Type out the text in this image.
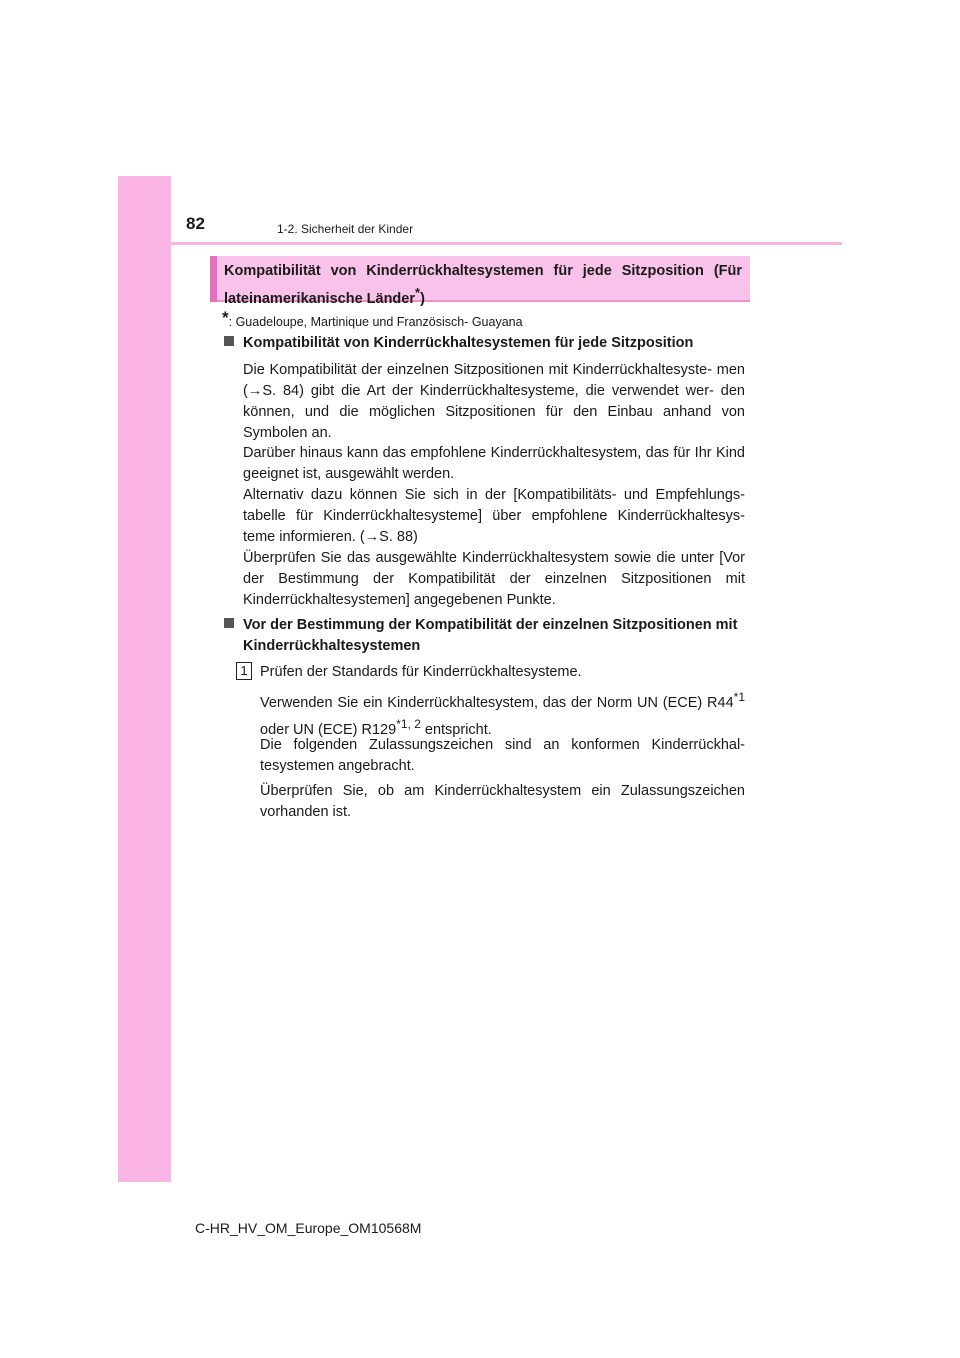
82	1-2. Sicherheit der Kinder
Kompatibilität von Kinderrückhaltesystemen für jede Sitzposition (Für lateinamerikanische Länder*)
*: Guadeloupe, Martinique und Französisch- Guayana
Kompatibilität von Kinderrückhaltesystemen für jede Sitzposition
Die Kompatibilität der einzelnen Sitzpositionen mit Kinderrückhaltesyste- men (→S. 84) gibt die Art der Kinderrückhaltesysteme, die verwendet wer- den können, und die möglichen Sitzpositionen für den Einbau anhand von Symbolen an.
Darüber hinaus kann das empfohlene Kinderrückhaltesystem, das für Ihr Kind geeignet ist, ausgewählt werden.
Alternativ dazu können Sie sich in der [Kompatibilitäts- und Empfehlungs- tabelle für Kinderrückhaltesysteme] über empfohlene Kinderrückhaltesys- teme informieren. (→S. 88)
Überprüfen Sie das ausgewählte Kinderrückhaltesystem sowie die unter [Vor der Bestimmung der Kompatibilität der einzelnen Sitzpositionen mit Kinderrückhaltesystemen] angegebenen Punkte.
Vor der Bestimmung der Kompatibilität der einzelnen Sitzpositionen mit Kinderrückhaltesystemen
1 Prüfen der Standards für Kinderrückhaltesysteme.
Verwenden Sie ein Kinderrückhaltesystem, das der Norm UN (ECE) R44$^{*1}$ oder UN (ECE) R129$^{*1, 2}$ entspricht.
Die folgenden Zulassungszeichen sind an konformen Kinderrückhal- tesystemen angebracht.
Überprüfen Sie, ob am Kinderrückhaltesystem ein Zulassungszeichen vorhanden ist.
C-HR_HV_OM_Europe_OM10568M
